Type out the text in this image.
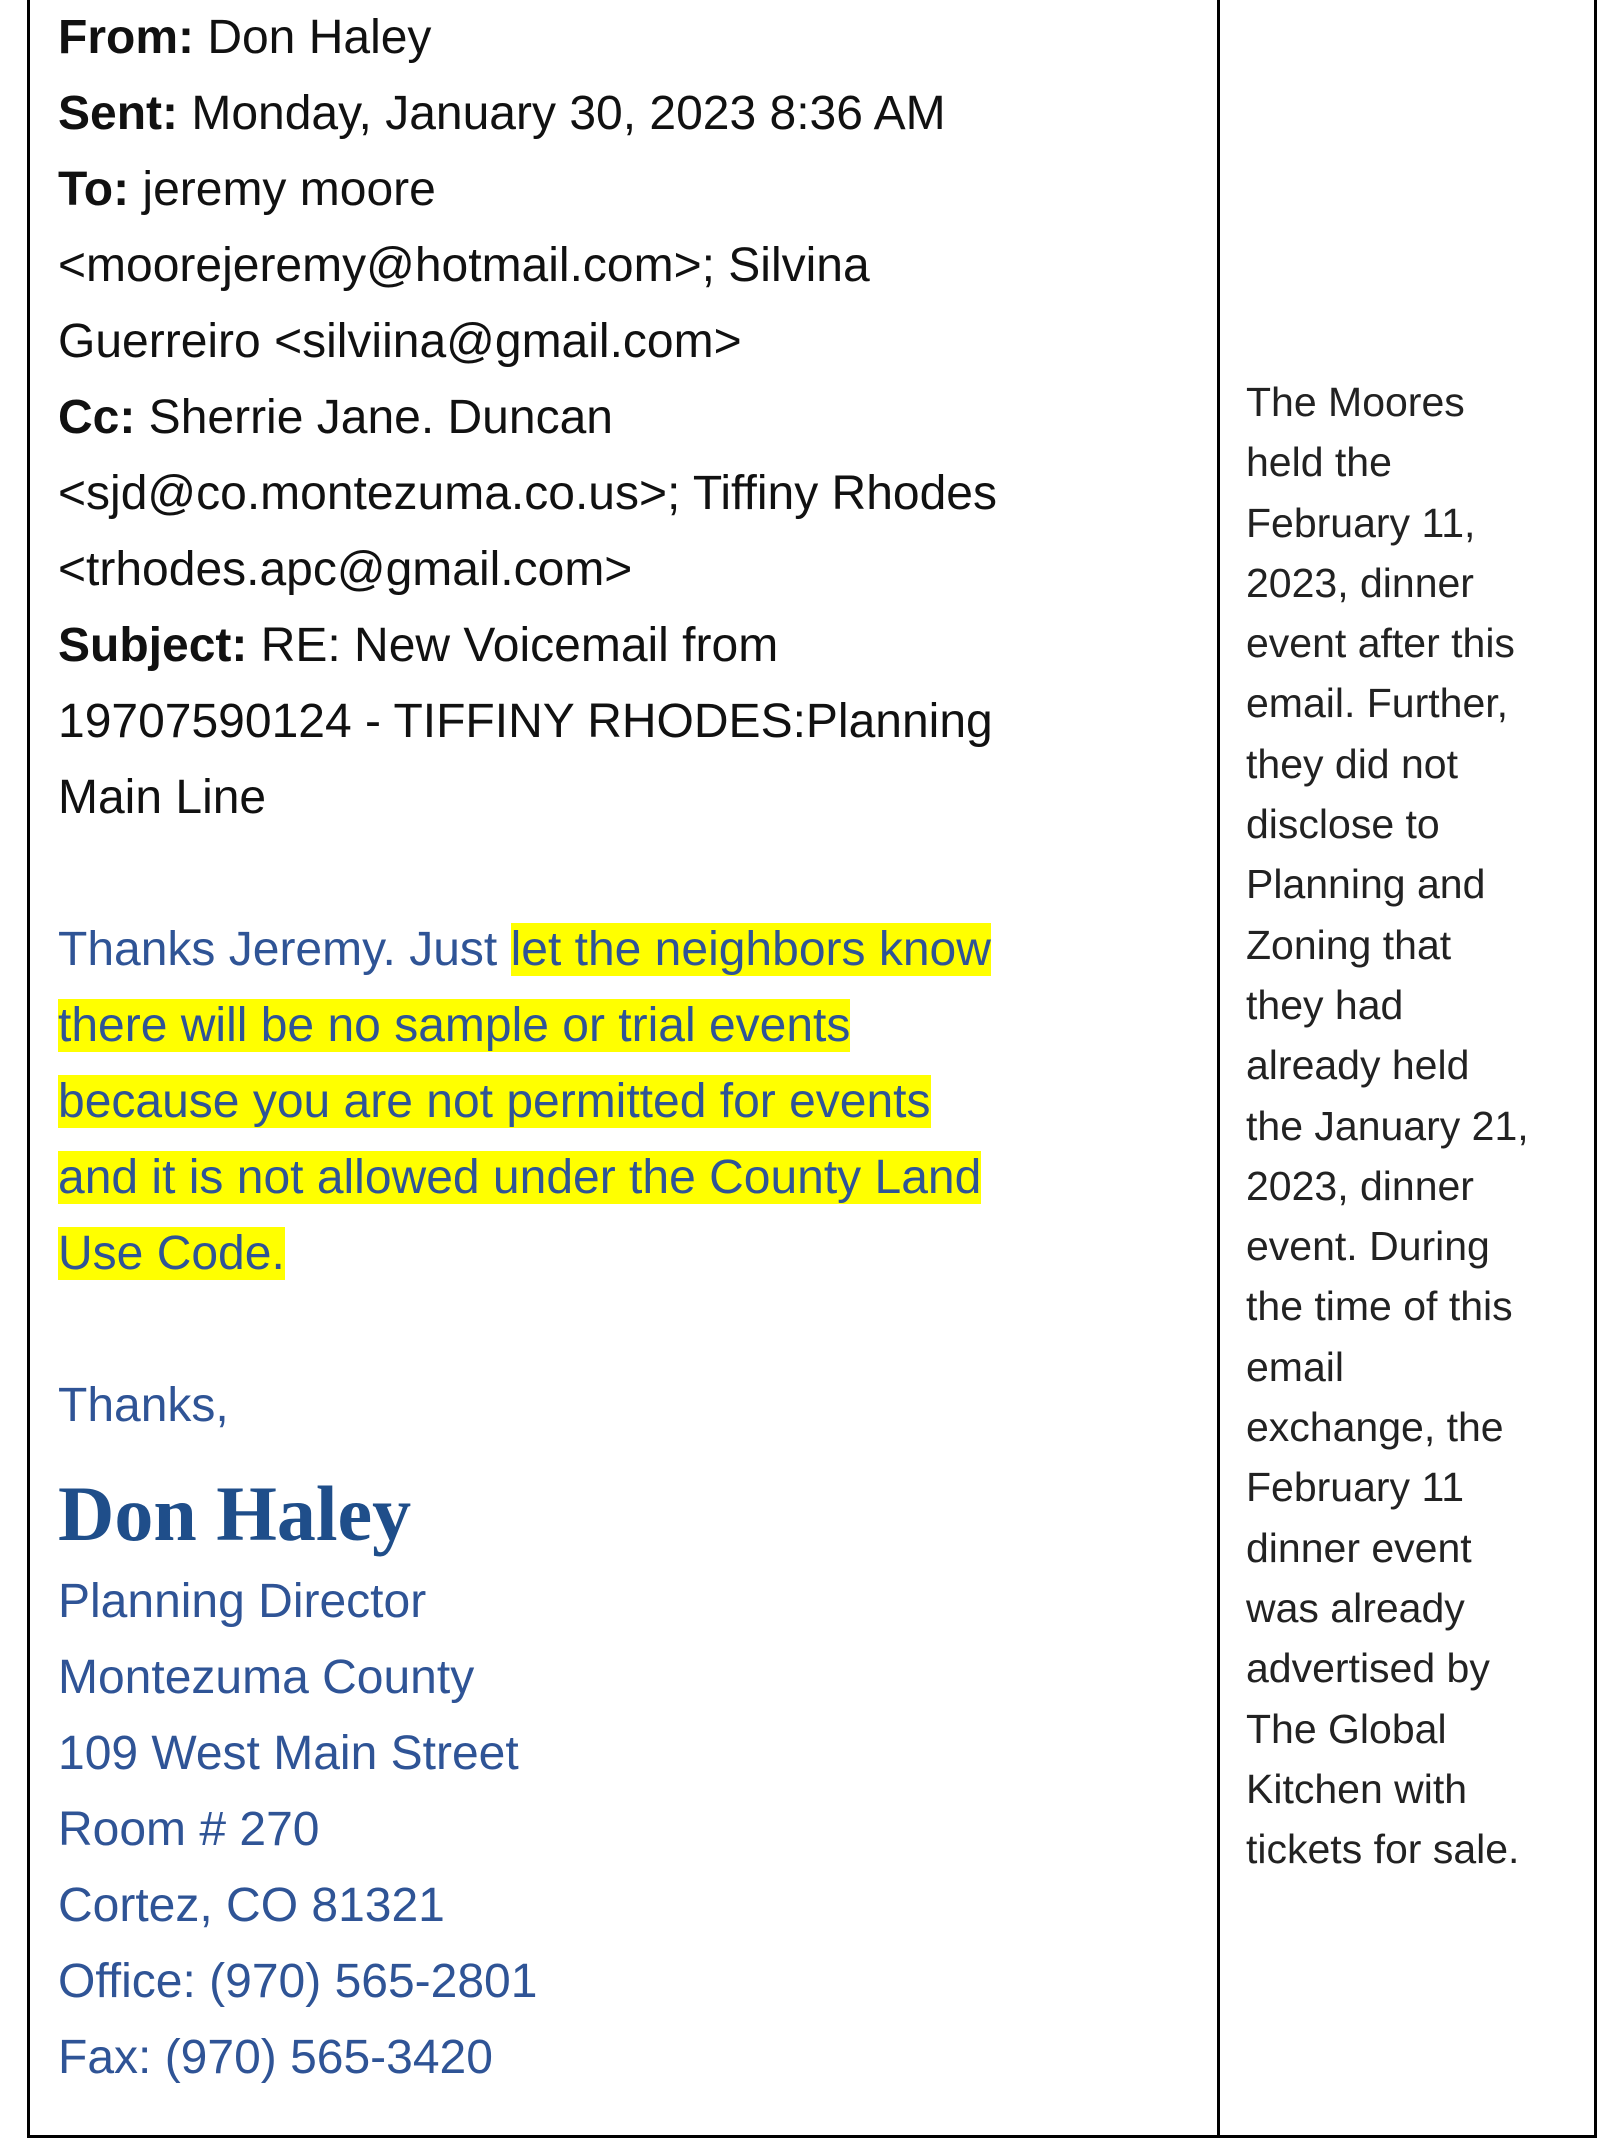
From: Don Haley
Sent: Monday, January 30, 2023 8:36 AM
To: jeremy moore
<moorejeremy@hotmail.com>; Silvina
Guerreiro <silviina@gmail.com>
Cc: Sherrie Jane. Duncan
<sjd@co.montezuma.co.us>; Tiffiny Rhodes
<trhodes.apc@gmail.com>
Subject: RE: New Voicemail from
19707590124 - TIFFINY RHODES:Planning
Main Line
Thanks Jeremy. Just let the neighbors know
there will be no sample or trial events
because you are not permitted for events
and it is not allowed under the County Land
Use Code.
Thanks,
Don Haley
Planning Director
Montezuma County
109 West Main Street
Room # 270
Cortez, CO 81321
Office: (970) 565-2801
Fax: (970) 565-3420
The Moores
held the
February 11,
2023, dinner
event after this
email. Further,
they did not
disclose to
Planning and
Zoning that
they had
already held
the January 21,
2023, dinner
event. During
the time of this
email
exchange, the
February 11
dinner event
was already
advertised by
The Global
Kitchen with
tickets for sale.
